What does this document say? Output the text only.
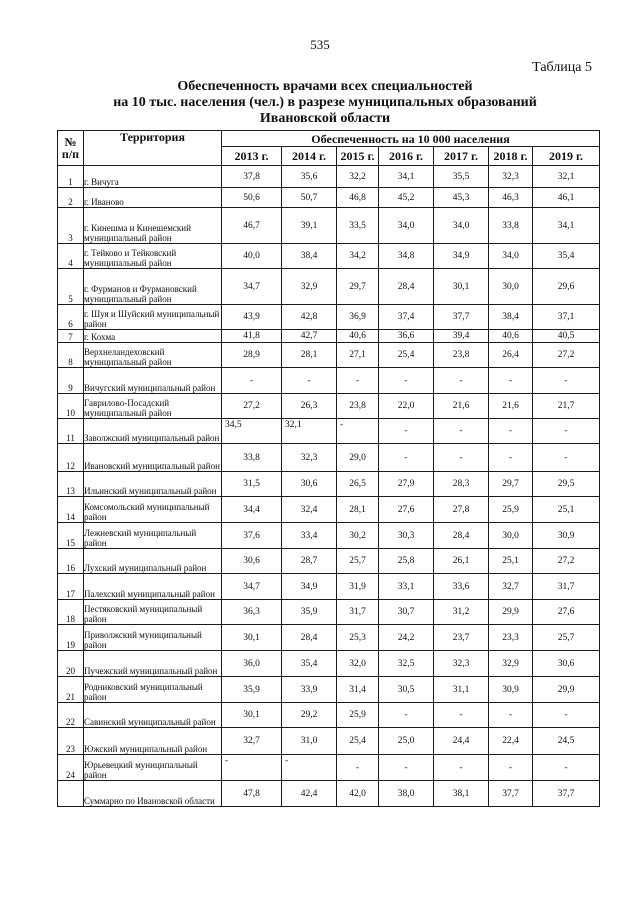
535
Таблица 5
Обеспеченность врачами всех специальностей
на 10 тыс. населения (чел.) в разрезе муниципальных образований
Ивановской области
№ п/п	Территория	Обеспеченность на 10 000 населения						
		2013 г.	2014 г.	2015 г.	2016 г.	2017 г.	2018 г.	2019 г.
1	г. Вичуга	37,8	35,6	32,2	34,1	35,5	32,3	32,1
2	г. Иваново	50,6	50,7	46,8	45,2	45,3	46,3	46,1
3	г. Кинешма и Кинешемский муниципальный район	46,7	39,1	33,5	34,0	34,0	33,8	34,1
4	г. Тейково и Тейковский муниципальный район	40,0	38,4	34,2	34,8	34,9	34,0	35,4
5	г. Фурманов и Фурмановский муниципальный район	34,7	32,9	29,7	28,4	30,1	30,0	29,6
6	г. Шуя и Шуйский муниципальный район	43,9	42,8	36,9	37,4	37,7	38,4	37,1
7	г. Кохма	41,8	42,7	40,6	36,6	39,4	40,6	40,5
8	Верхнеландеховский муниципальный район	28,9	28,1	27,1	25,4	23,8	26,4	27,2
9	Вичугский муниципальный район	-	-	-	-	-	-	-
10	Гаврилово-Посадский муниципальный район	27,2	26,3	23,8	22,0	21,6	21,6	21,7
11	Заволжский муниципальный район	34,5	32,1	-	-	-	-	-
12	Ивановский муниципальный район	33,8	32,3	29,0	-	-	-	-
13	Ильинский муниципальный район	31,5	30,6	26,5	27,9	28,3	29,7	29,5
14	Комсомольский муниципальный район	34,4	32,4	28,1	27,6	27,8	25,9	25,1
15	Лежневский муниципальный район	37,6	33,4	30,2	30,3	28,4	30,0	30,9
16	Лухский муниципальный район	30,6	28,7	25,7	25,8	26,1	25,1	27,2
17	Палехский муниципальный район	34,7	34,9	31,9	33,1	33,6	32,7	31,7
18	Пестяковский муниципальный район	36,3	35,9	31,7	30,7	31,2	29,9	27,6
19	Приволжский муниципальный район	30,1	28,4	25,3	24,2	23,7	23,3	25,7
20	Пучежский муниципальный район	36,0	35,4	32,0	32,5	32,3	32,9	30,6
21	Родниковский муниципальный район	35,9	33,9	31,4	30,5	31,1	30,9	29,9
22	Савинский муниципальный район	30,1	29,2	25,9	-	-	-	-
23	Южский муниципальный район	32,7	31,0	25,4	25,0	24,4	22,4	24,5
24	Юрьевецкий муниципальный район	-	-	-	-	-	-	-
	Суммарно по Ивановской области	47,8	42,4	42,0	38,0	38,1	37,7	37,7
